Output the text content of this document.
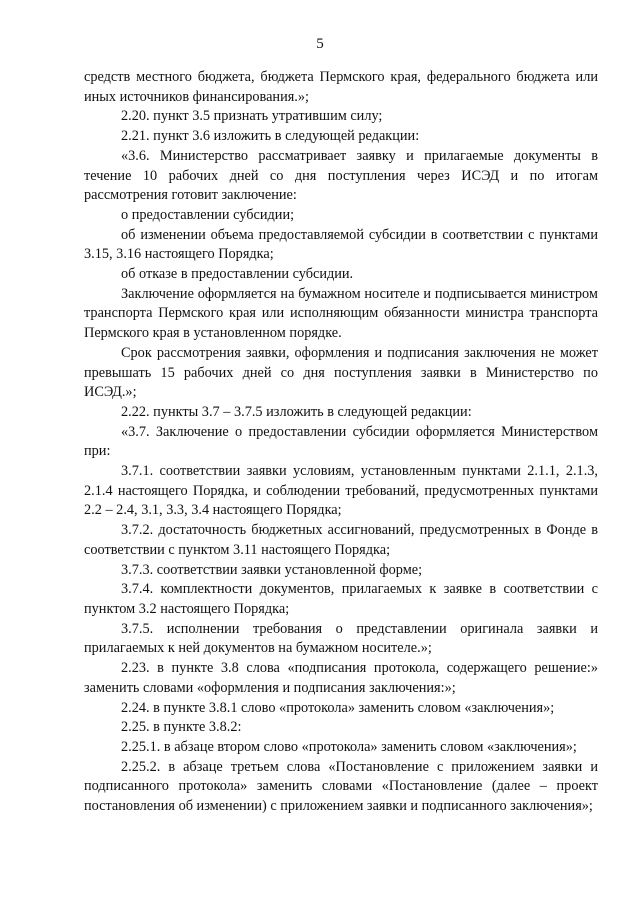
5

средств местного бюджета, бюджета Пермского края, федерального бюджета или иных источников финансирования.»;

2.20. пункт 3.5 признать утратившим силу;

2.21. пункт 3.6 изложить в следующей редакции:

«3.6. Министерство рассматривает заявку и прилагаемые документы в течение 10 рабочих дней со дня поступления через ИСЭД и по итогам рассмотрения готовит заключение:

о предоставлении субсидии;

об изменении объема предоставляемой субсидии в соответствии с пунктами 3.15, 3.16 настоящего Порядка;

об отказе в предоставлении субсидии.

Заключение оформляется на бумажном носителе и подписывается министром транспорта Пермского края или исполняющим обязанности министра транспорта Пермского края в установленном порядке.

Срок рассмотрения заявки, оформления и подписания заключения не может превышать 15 рабочих дней со дня поступления заявки в Министерство по ИСЭД.»;

2.22. пункты 3.7 – 3.7.5 изложить в следующей редакции:

«3.7. Заключение о предоставлении субсидии оформляется Министерством при:

3.7.1. соответствии заявки условиям, установленным пунктами 2.1.1, 2.1.3, 2.1.4 настоящего Порядка, и соблюдении требований, предусмотренных пунктами 2.2 – 2.4, 3.1, 3.3, 3.4 настоящего Порядка;

3.7.2. достаточность бюджетных ассигнований, предусмотренных в Фонде в соответствии с пунктом 3.11 настоящего Порядка;

3.7.3. соответствии заявки установленной форме;

3.7.4. комплектности документов, прилагаемых к заявке в соответствии с пунктом 3.2 настоящего Порядка;

3.7.5. исполнении требования о представлении оригинала заявки и прилагаемых к ней документов на бумажном носителе.»;

2.23. в пункте 3.8 слова «подписания протокола, содержащего решение:» заменить словами «оформления и подписания заключения:»;

2.24. в пункте 3.8.1 слово «протокола» заменить словом «заключения»;

2.25. в пункте 3.8.2:

2.25.1. в абзаце втором слово «протокола» заменить словом «заключения»;

2.25.2. в абзаце третьем слова «Постановление с приложением заявки и подписанного протокола» заменить словами «Постановление (далее – проект постановления об изменении) с приложением заявки и подписанного заключения»;
